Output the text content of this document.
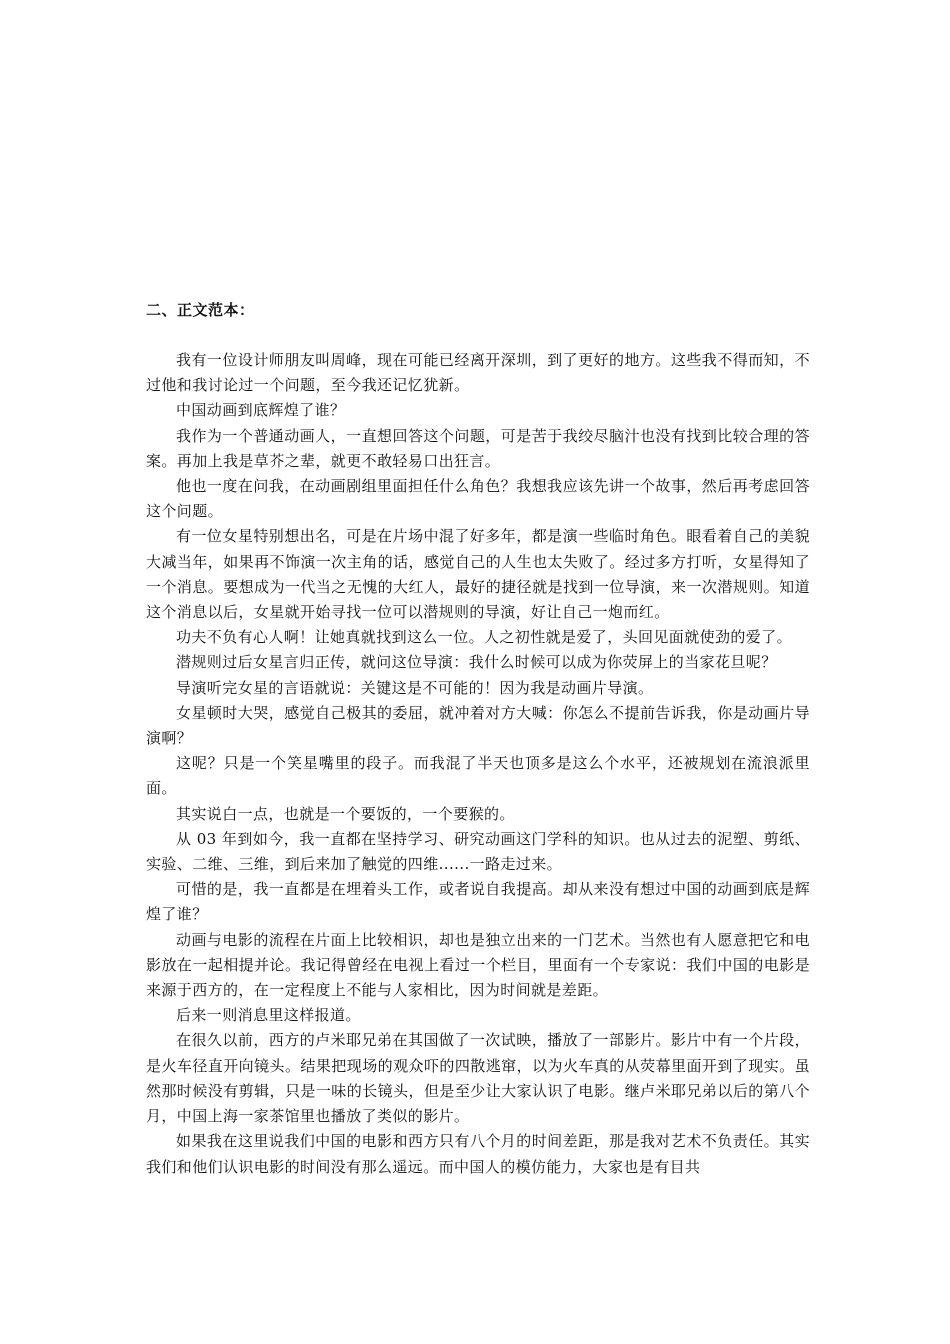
二、正文范本：

我有一位设计师朋友叫周峰，现在可能已经离开深圳，到了更好的地方。这些我不得而知，不过他和我讨论过一个问题，至今我还记忆犹新。

中国动画到底辉煌了谁？

我作为一个普通动画人，一直想回答这个问题，可是苦于我绞尽脑汁也没有找到比较合理的答案。再加上我是草芥之辈，就更不敢轻易口出狂言。

他也一度在问我，在动画剧组里面担任什么角色？我想我应该先讲一个故事，然后再考虑回答这个问题。

有一位女星特别想出名，可是在片场中混了好多年，都是演一些临时角色。眼看着自己的美貌大减当年，如果再不饰演一次主角的话，感觉自己的人生也太失败了。经过多方打听，女星得知了一个消息。要想成为一代当之无愧的大红人，最好的捷径就是找到一位导演，来一次潜规则。知道这个消息以后，女星就开始寻找一位可以潜规则的导演，好让自己一炮而红。

功夫不负有心人啊！让她真就找到这么一位。人之初性就是爱了，头回见面就使劲的爱了。

潜规则过后女星言归正传，就问这位导演：我什么时候可以成为你荧屏上的当家花旦呢？

导演听完女星的言语就说：关键这是不可能的！因为我是动画片导演。

女星顿时大哭，感觉自己极其的委屈，就冲着对方大喊：你怎么不提前告诉我，你是动画片导演啊？

这呢？只是一个笑星嘴里的段子。而我混了半天也顶多是这么个水平，还被规划在流浪派里面。

其实说白一点，也就是一个要饭的，一个要猴的。

从 03 年到如今，我一直都在坚持学习、研究动画这门学科的知识。也从过去的泥塑、剪纸、实验、二维、三维，到后来加了触觉的四维......一路走过来。

可惜的是，我一直都是在埋着头工作，或者说自我提高。却从来没有想过中国的动画到底是辉煌了谁？

动画与电影的流程在片面上比较相识，却也是独立出来的一门艺术。当然也有人愿意把它和电影放在一起相提并论。我记得曾经在电视上看过一个栏目，里面有一个专家说：我们中国的电影是来源于西方的，在一定程度上不能与人家相比，因为时间就是差距。

后来一则消息里这样报道。

在很久以前，西方的卢米耶兄弟在其国做了一次试映，播放了一部影片。影片中有一个片段，是火车径直开向镜头。结果把现场的观众吓的四散逃窜，以为火车真的从荧幕里面开到了现实。虽然那时候没有剪辑，只是一味的长镜头，但是至少让大家认识了电影。继卢米耶兄弟以后的第八个月，中国上海一家茶馆里也播放了类似的影片。

如果我在这里说我们中国的电影和西方只有八个月的时间差距，那是我对艺术不负责任。其实我们和他们认识电影的时间没有那么遥远。而中国人的模仿能力，大家也是有目共
